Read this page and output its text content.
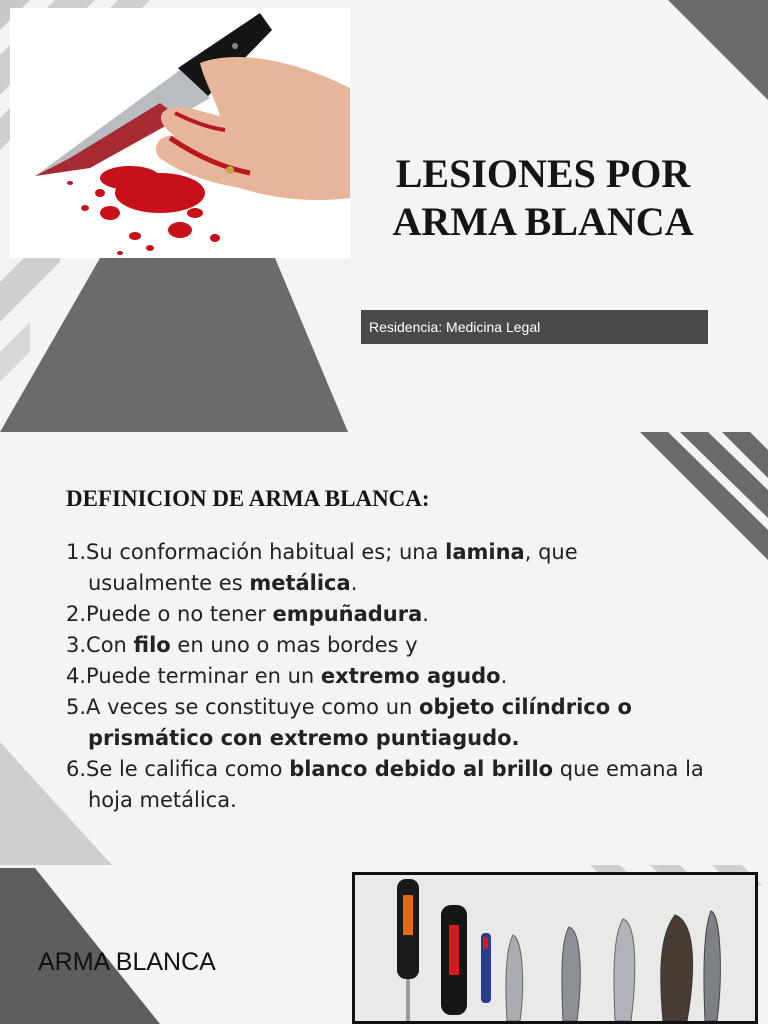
LESIONES POR
ARMA BLANCA
Residencia: Medicina Legal
DEFINICION DE ARMA BLANCA:
1.Su conformación habitual es; una lamina, que usualmente es metálica.
2.Puede o no tener empuñadura.
3.Con filo en uno o mas bordes y
4.Puede terminar en un extremo agudo.
5.A veces se constituye como un objeto cilíndrico o prismático con extremo puntiagudo.
6.Se le califica como blanco debido al brillo que emana la hoja metálica.
ARMA BLANCA
